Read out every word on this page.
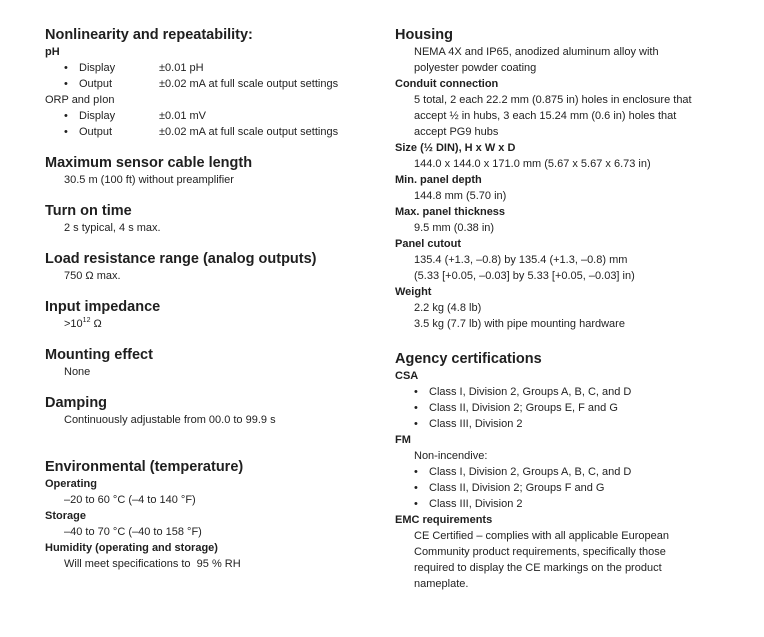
Nonlinearity and repeatability:
pH
•	Display	±0.01 pH
•	Output	±0.02 mA at full scale output settings
ORP and pIon
•	Display	±0.01 mV
•	Output	±0.02 mA at full scale output settings
Maximum sensor cable length
30.5 m (100 ft) without preamplifier
Turn on time
2 s typical, 4 s max.
Load resistance range (analog outputs)
750 Ω max.
Input impedance
$>10^{12}$ Ω
Mounting effect
None
Damping
Continuously adjustable from 00.0 to 99.9 s
Environmental (temperature)
Operating
–20 to 60 °C (–4 to 140 °F)
Storage
–40 to 70 °C (–40 to 158 °F)
Humidity (operating and storage)
Will meet specifications to  95 % RH
Housing
NEMA 4X and IP65, anodized aluminum alloy with
polyester powder coating
Conduit connection
5 total, 2 each 22.2 mm (0.875 in) holes in enclosure that
accept ½ in hubs, 3 each 15.24 mm (0.6 in) holes that
accept PG9 hubs
Size (½ DIN), H x W x D
144.0 x 144.0 x 171.0 mm (5.67 x 5.67 x 6.73 in)
Min. panel depth
144.8 mm (5.70 in)
Max. panel thickness
9.5 mm (0.38 in)
Panel cutout
135.4 (+1.3, –0.8) by 135.4 (+1.3, –0.8) mm
(5.33 [+0.05, –0.03] by 5.33 [+0.05, –0.03] in)
Weight
2.2 kg (4.8 lb)
3.5 kg (7.7 lb) with pipe mounting hardware
Agency certifications
CSA
•	Class I, Division 2, Groups A, B, C, and D
•	Class II, Division 2; Groups E, F and G
•	Class III, Division 2
FM
Non-incendive:
•	Class I, Division 2, Groups A, B, C, and D
•	Class II, Division 2; Groups F and G
•	Class III, Division 2
EMC requirements
CE Certified – complies with all applicable European
Community product requirements, specifically those
required to display the CE markings on the product
nameplate.
